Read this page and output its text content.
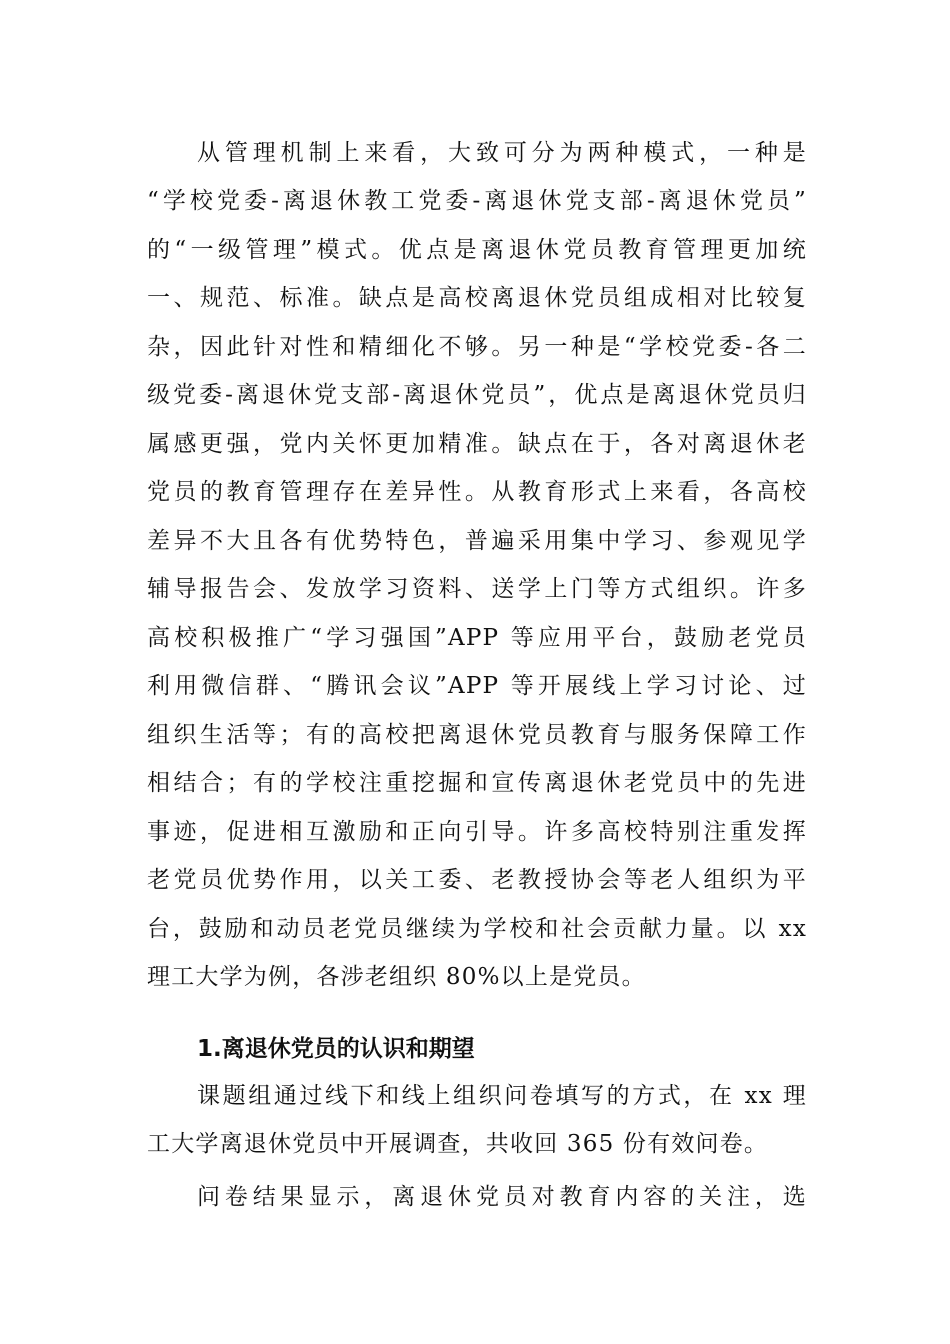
从管理机制上来看，大致可分为两种模式，一种是
“学校党委-离退休教工党委-离退休党支部-离退休党员”
的“一级管理”模式。优点是离退休党员教育管理更加统
一、规范、标准。缺点是高校离退休党员组成相对比较复
杂，因此针对性和精细化不够。另一种是“学校党委-各二
级党委-离退休党支部-离退休党员”，优点是离退休党员归
属感更强，党内关怀更加精准。缺点在于，各对离退休老
党员的教育管理存在差异性。从教育形式上来看，各高校
差异不大且各有优势特色，普遍采用集中学习、参观见学
辅导报告会、发放学习资料、送学上门等方式组织。许多
高校积极推广“学习强国”APP 等应用平台，鼓励老党员
利用微信群、“腾讯会议”APP 等开展线上学习讨论、过
组织生活等；有的高校把离退休党员教育与服务保障工作
相结合；有的学校注重挖掘和宣传离退休老党员中的先进
事迹，促进相互激励和正向引导。许多高校特别注重发挥
老党员优势作用，以关工委、老教授协会等老人组织为平
台，鼓励和动员老党员继续为学校和社会贡献力量。以 xx
理工大学为例，各涉老组织 80%以上是党员。
1.离退休党员的认识和期望
课题组通过线下和线上组织问卷填写的方式，在 xx 理
工大学离退休党员中开展调查，共收回 365 份有效问卷。
问卷结果显示，离退休党员对教育内容的关注，选
